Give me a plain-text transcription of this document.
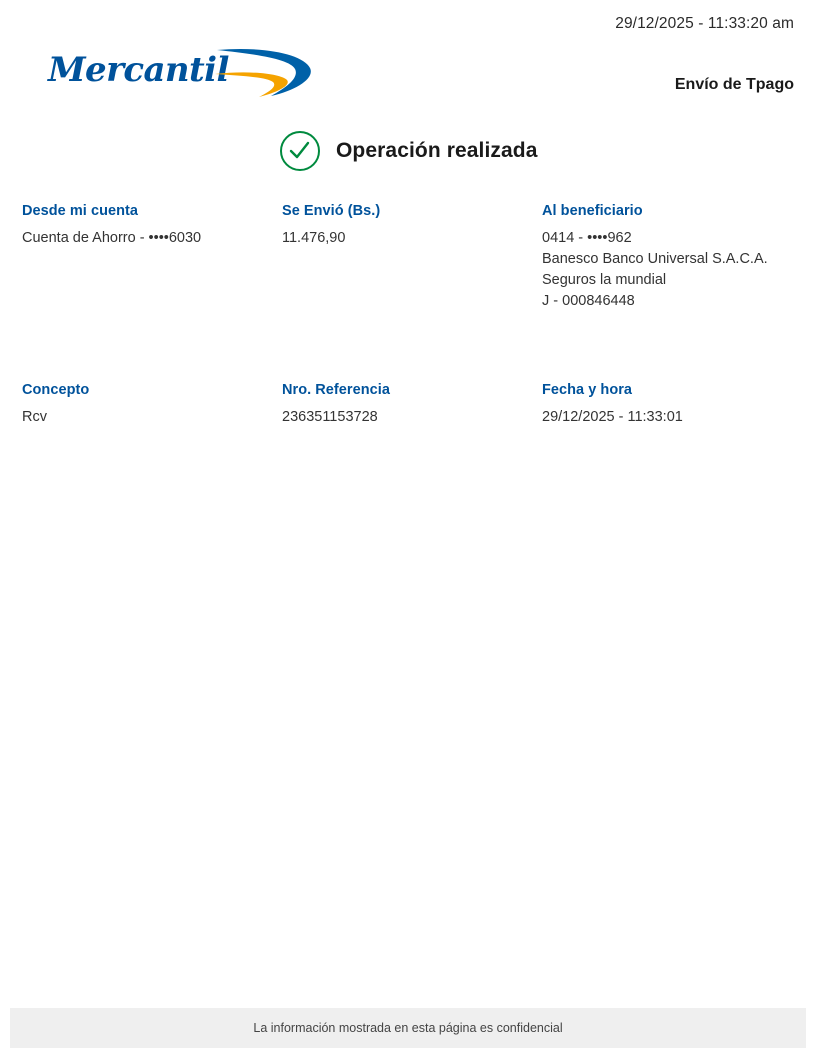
29/12/2025 - 11:33:20 am
Mercantil	Envío de Tpago
Operación realizada
Desde mi cuenta
Cuenta de Ahorro - ••••6030
Se Envió (Bs.)
11.476,90
Al beneficiario
0414 - ••••962
Banesco Banco Universal S.A.C.A.
Seguros la mundial
J - 000846448
Concepto
Rcv
Nro. Referencia
236351153728
Fecha y hora
29/12/2025 - 11:33:01
La información mostrada en esta página es confidencial
